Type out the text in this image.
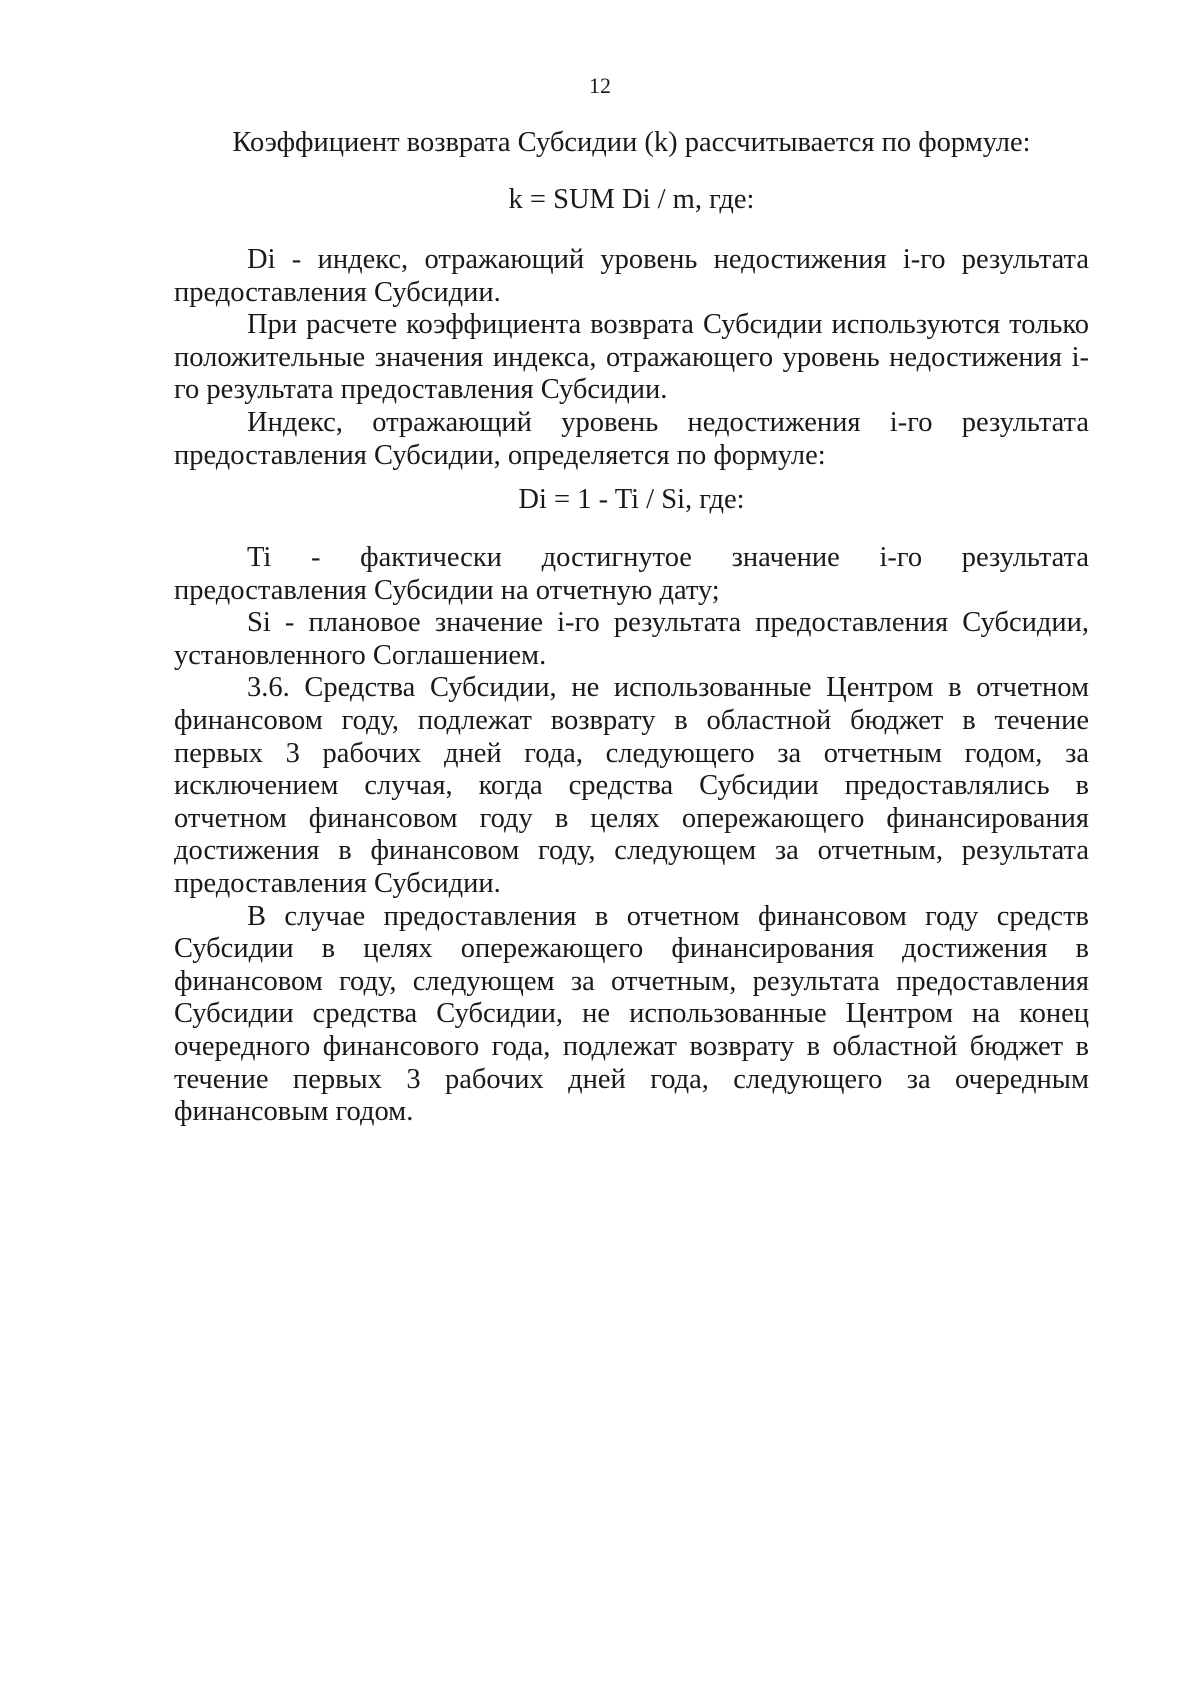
12

Коэффициент возврата Субсидии (k) рассчитывается по формуле:

k = SUM Di / m, где:

Di - индекс, отражающий уровень недостижения i-го результата предоставления Субсидии.

При расчете коэффициента возврата Субсидии используются только положительные значения индекса, отражающего уровень недостижения i-го результата предоставления Субсидии.

Индекс, отражающий уровень недостижения i-го результата предоставления Субсидии, определяется по формуле:

Di = 1 - Ti / Si, где:

Ti - фактически достигнутое значение i-го результата предоставления Субсидии на отчетную дату;

Si - плановое значение i-го результата предоставления Субсидии, установленного Соглашением.

3.6. Средства Субсидии, не использованные Центром в отчетном финансовом году, подлежат возврату в областной бюджет в течение первых 3 рабочих дней года, следующего за отчетным годом, за исключением случая, когда средства Субсидии предоставлялись в отчетном финансовом году в целях опережающего финансирования достижения в финансовом году, следующем за отчетным, результата предоставления Субсидии.

В случае предоставления в отчетном финансовом году средств Субсидии в целях опережающего финансирования достижения в финансовом году, следующем за отчетным, результата предоставления Субсидии средства Субсидии, не использованные Центром на конец очередного финансового года, подлежат возврату в областной бюджет в течение первых 3 рабочих дней года, следующего за очередным финансовым годом.
